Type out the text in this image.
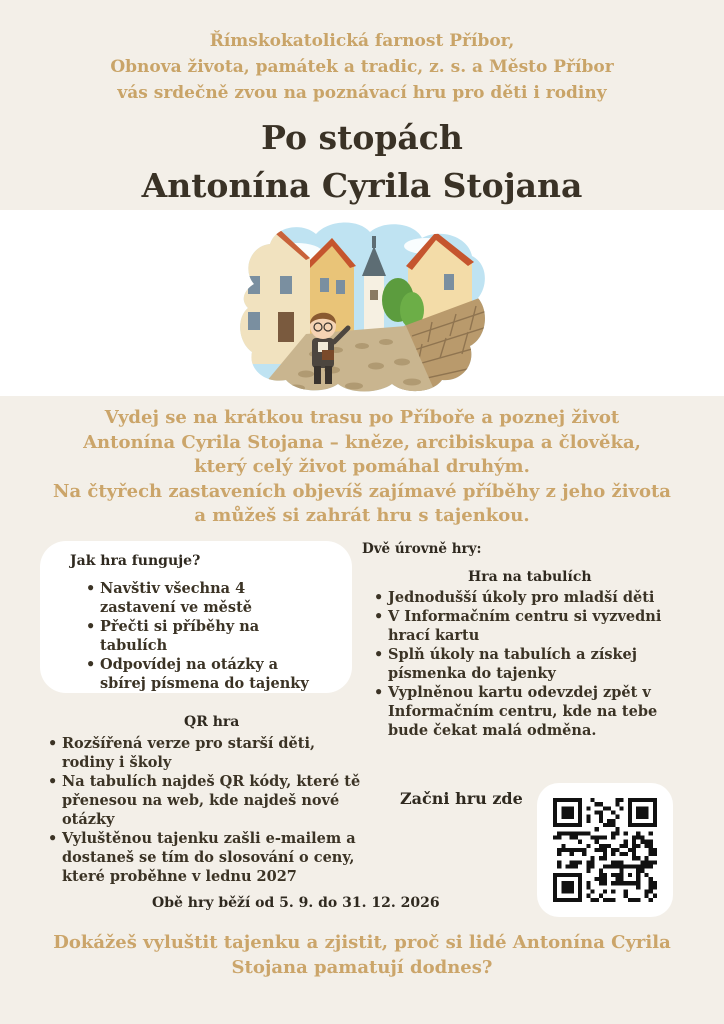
Římskokatolická farnost Příbor,
Obnova života, památek a tradic, z. s. a Město Příbor
vás srdečně zvou na poznávací hru pro děti i rodiny
Po stopách
Antonína Cyrila Stojana
Vydej se na krátkou trasu po Příboře a poznej život
Antonína Cyrila Stojana – kněze, arcibiskupa a člověka,
který celý život pomáhal druhým.
Na čtyřech zastaveních objevíš zajímavé příběhy z jeho života
a můžeš si zahrát hru s tajenkou.
Jak hra funguje?
• Navštiv všechna 4 zastavení ve městě
• Přečti si příběhy na tabulích
• Odpovídej na otázky a sbírej písmena do tajenky
Dvě úrovně hry:
Hra na tabulích
• Jednodušší úkoly pro mladší děti
• V Informačním centru si vyzvedni hrací kartu
• Splň úkoly na tabulích a získej písmenka do tajenky
• Vyplněnou kartu odevzdej zpět v Informačním centru, kde na tebe bude čekat malá odměna.
QR hra
• Rozšířená verze pro starší děti, rodiny i školy
• Na tabulích najdeš QR kódy, které tě přenesou na web, kde najdeš nové otázky
• Vyluštěnou tajenku zašli e-mailem a dostaneš se tím do slosování o ceny, které proběhne v lednu 2027
Začni hru zde
Obě hry běží od 5. 9. do 31. 12. 2026
Dokážeš vyluštit tajenku a zjistit, proč si lidé Antonína Cyrila
Stojana pamatují dodnes?
